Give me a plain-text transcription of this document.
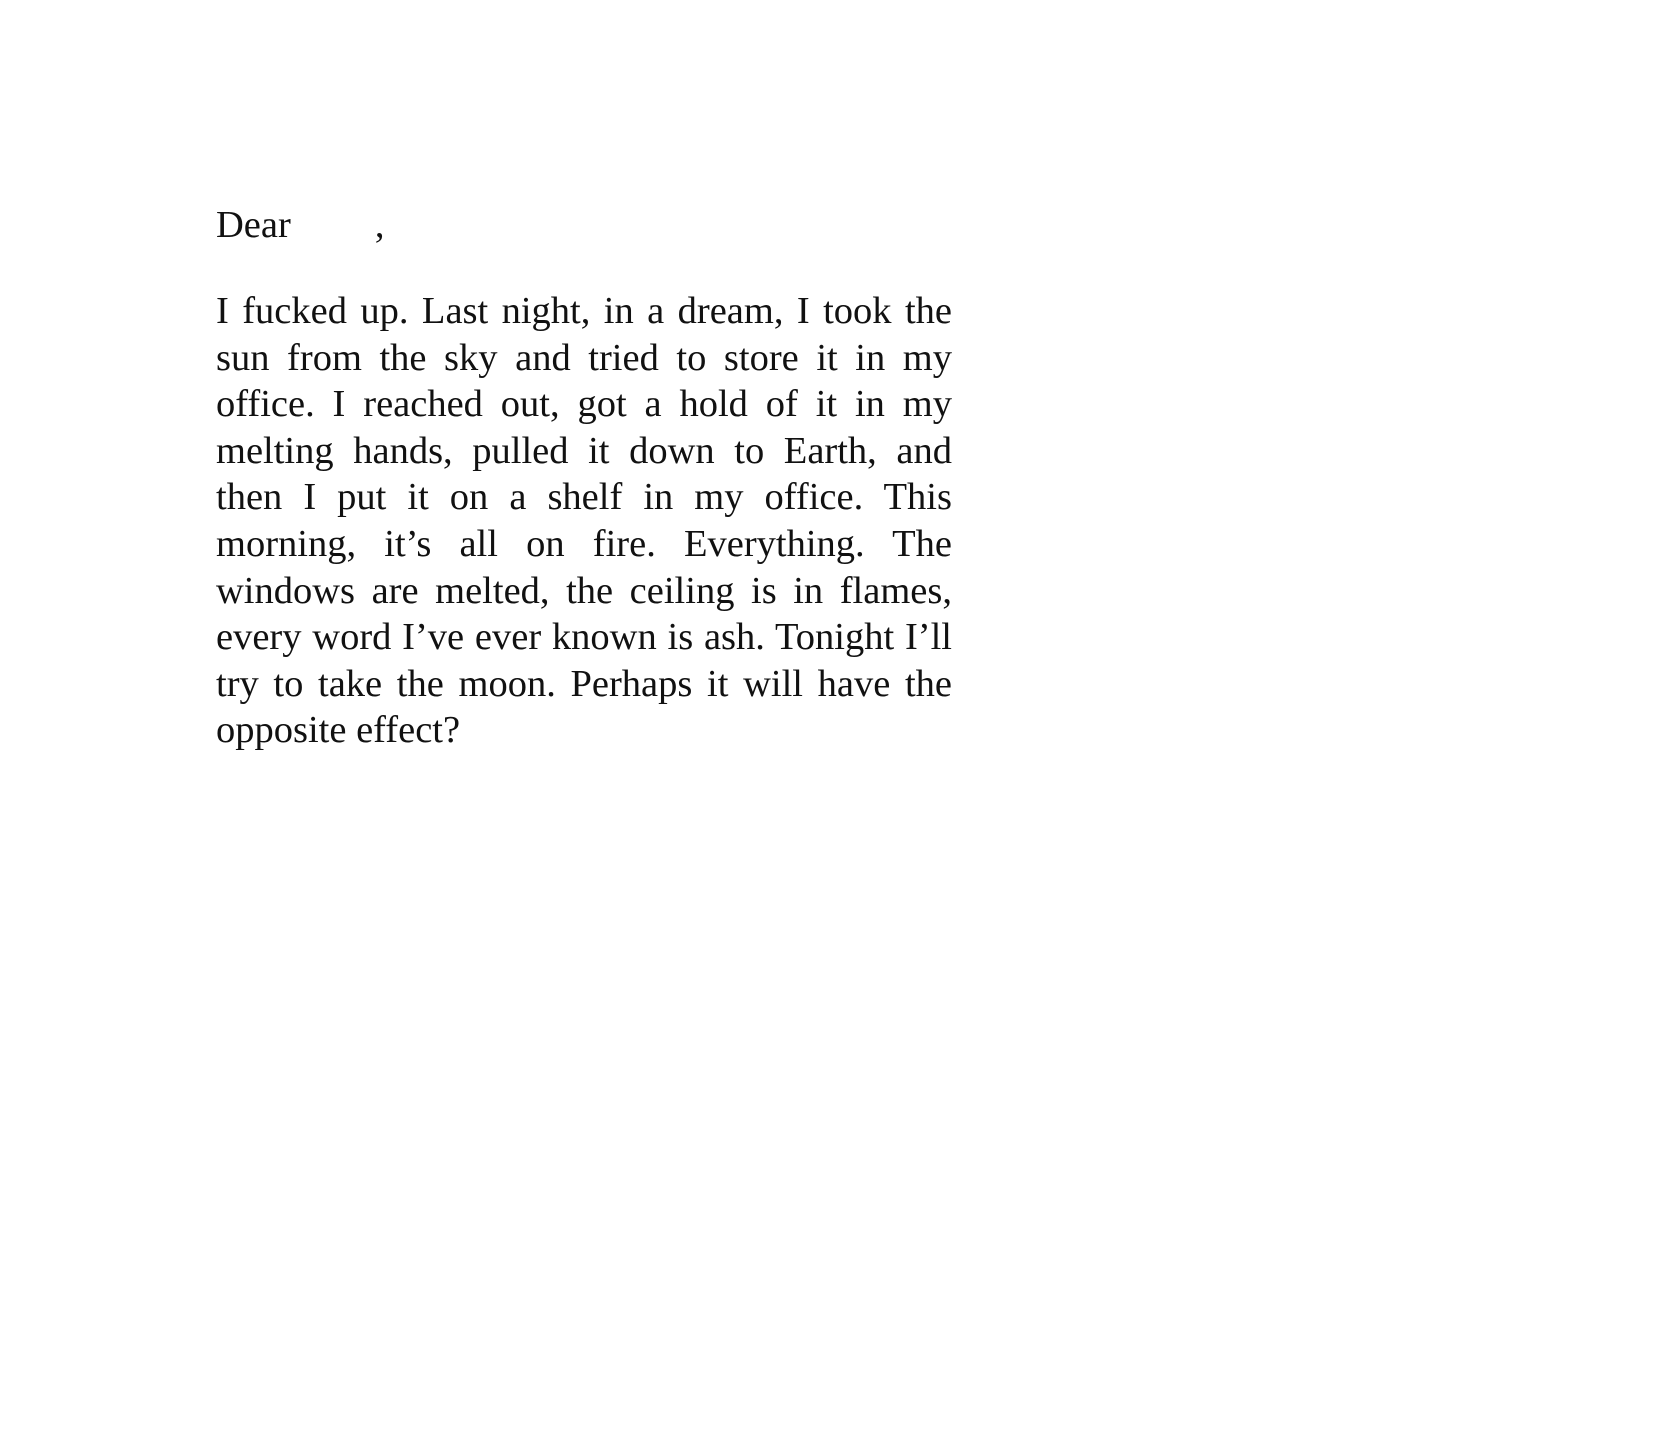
Dear ,

I fucked up. Last night, in a dream, I took the sun from the sky and tried to store it in my office. I reached out, got a hold of it in my melting hands, pulled it down to Earth, and then I put it on a shelf in my office. This morning, it’s all on fire. Everything. The windows are melted, the ceiling is in flames, every word I’ve ever known is ash. Tonight I’ll try to take the moon. Perhaps it will have the opposite effect?
